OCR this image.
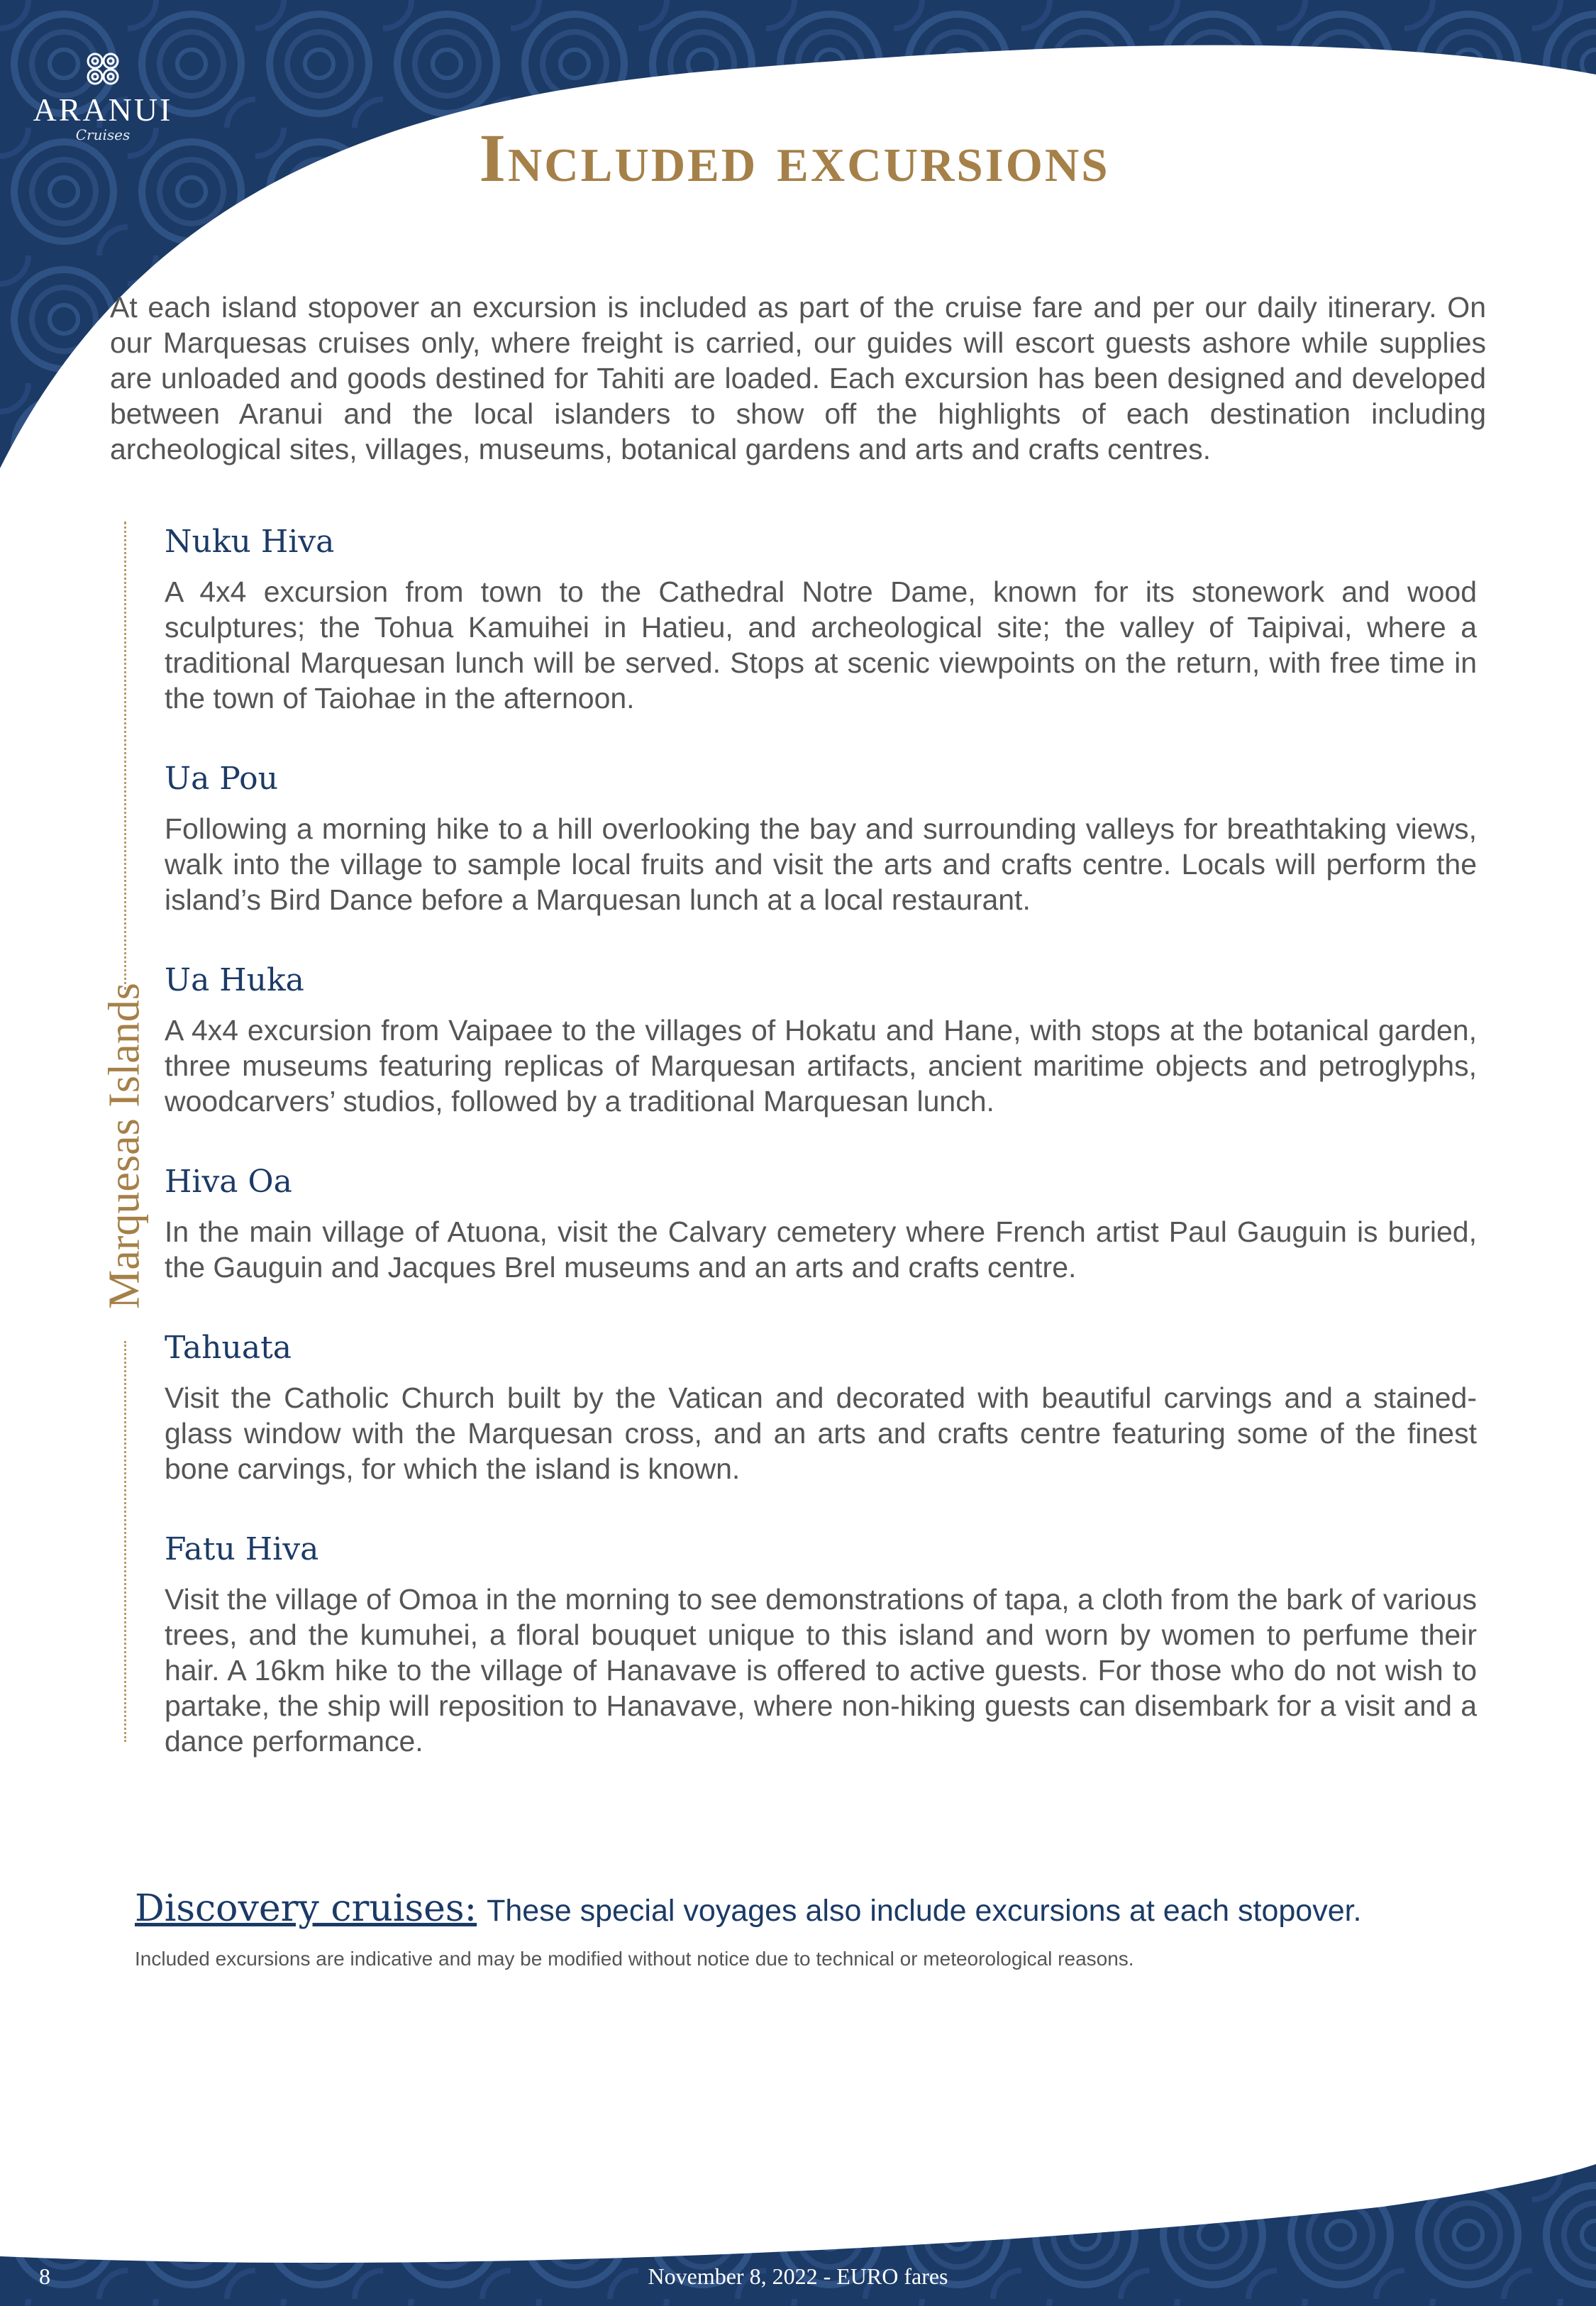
ARANUI
Cruises	Included excursions

At each island stopover an excursion is included as part of the cruise fare and per our daily itinerary. On our Marquesas cruises only, where freight is carried, our guides will escort guests ashore while supplies are unloaded and goods destined for Tahiti are loaded. Each excursion has been designed and developed between Aranui and the local islanders to show off the highlights of each destination including archeological sites, villages, museums, botanical gardens and arts and crafts centres.

Marquesas Islands
Nuku Hiva

A 4x4 excursion from town to the Cathedral Notre Dame, known for its stonework and wood sculptures; the Tohua Kamuihei in Hatieu, and archeological site; the valley of Taipivai, where a traditional Marquesan lunch will be served. Stops at scenic viewpoints on the return, with free time in the town of Taiohae in the afternoon.

Ua Pou

Following a morning hike to a hill overlooking the bay and surrounding valleys for breathtaking views, walk into the village to sample local fruits and visit the arts and crafts centre. Locals will perform the island’s Bird Dance before a Marquesan lunch at a local restaurant.

Ua Huka

A 4x4 excursion from Vaipaee to the villages of Hokatu and Hane, with stops at the botanical garden, three museums featuring replicas of Marquesan artifacts, ancient maritime objects and petroglyphs, woodcarvers’ studios, followed by a traditional Marquesan lunch.

Hiva Oa

In the main village of Atuona, visit the Calvary cemetery where French artist Paul Gauguin is buried, the Gauguin and Jacques Brel museums and an arts and crafts centre.

Tahuata

Visit the Catholic Church built by the Vatican and decorated with beautiful carvings and a stained-glass window with the Marquesan cross, and an arts and crafts centre featuring some of the finest bone carvings, for which the island is known.

Fatu Hiva

Visit the village of Omoa in the morning to see demonstrations of tapa, a cloth from the bark of various trees, and the kumuhei, a floral bouquet unique to this island and worn by women to perfume their hair. A 16km hike to the village of Hanavave is offered to active guests. For those who do not wish to partake, the ship will reposition to Hanavave, where non-hiking guests can disembark for a visit and a dance performance.

Discovery cruises: These special voyages also include excursions at each stopover.

Included excursions are indicative and may be modified without notice due to technical or meteorological reasons.

8	November 8, 2022 - EURO fares
